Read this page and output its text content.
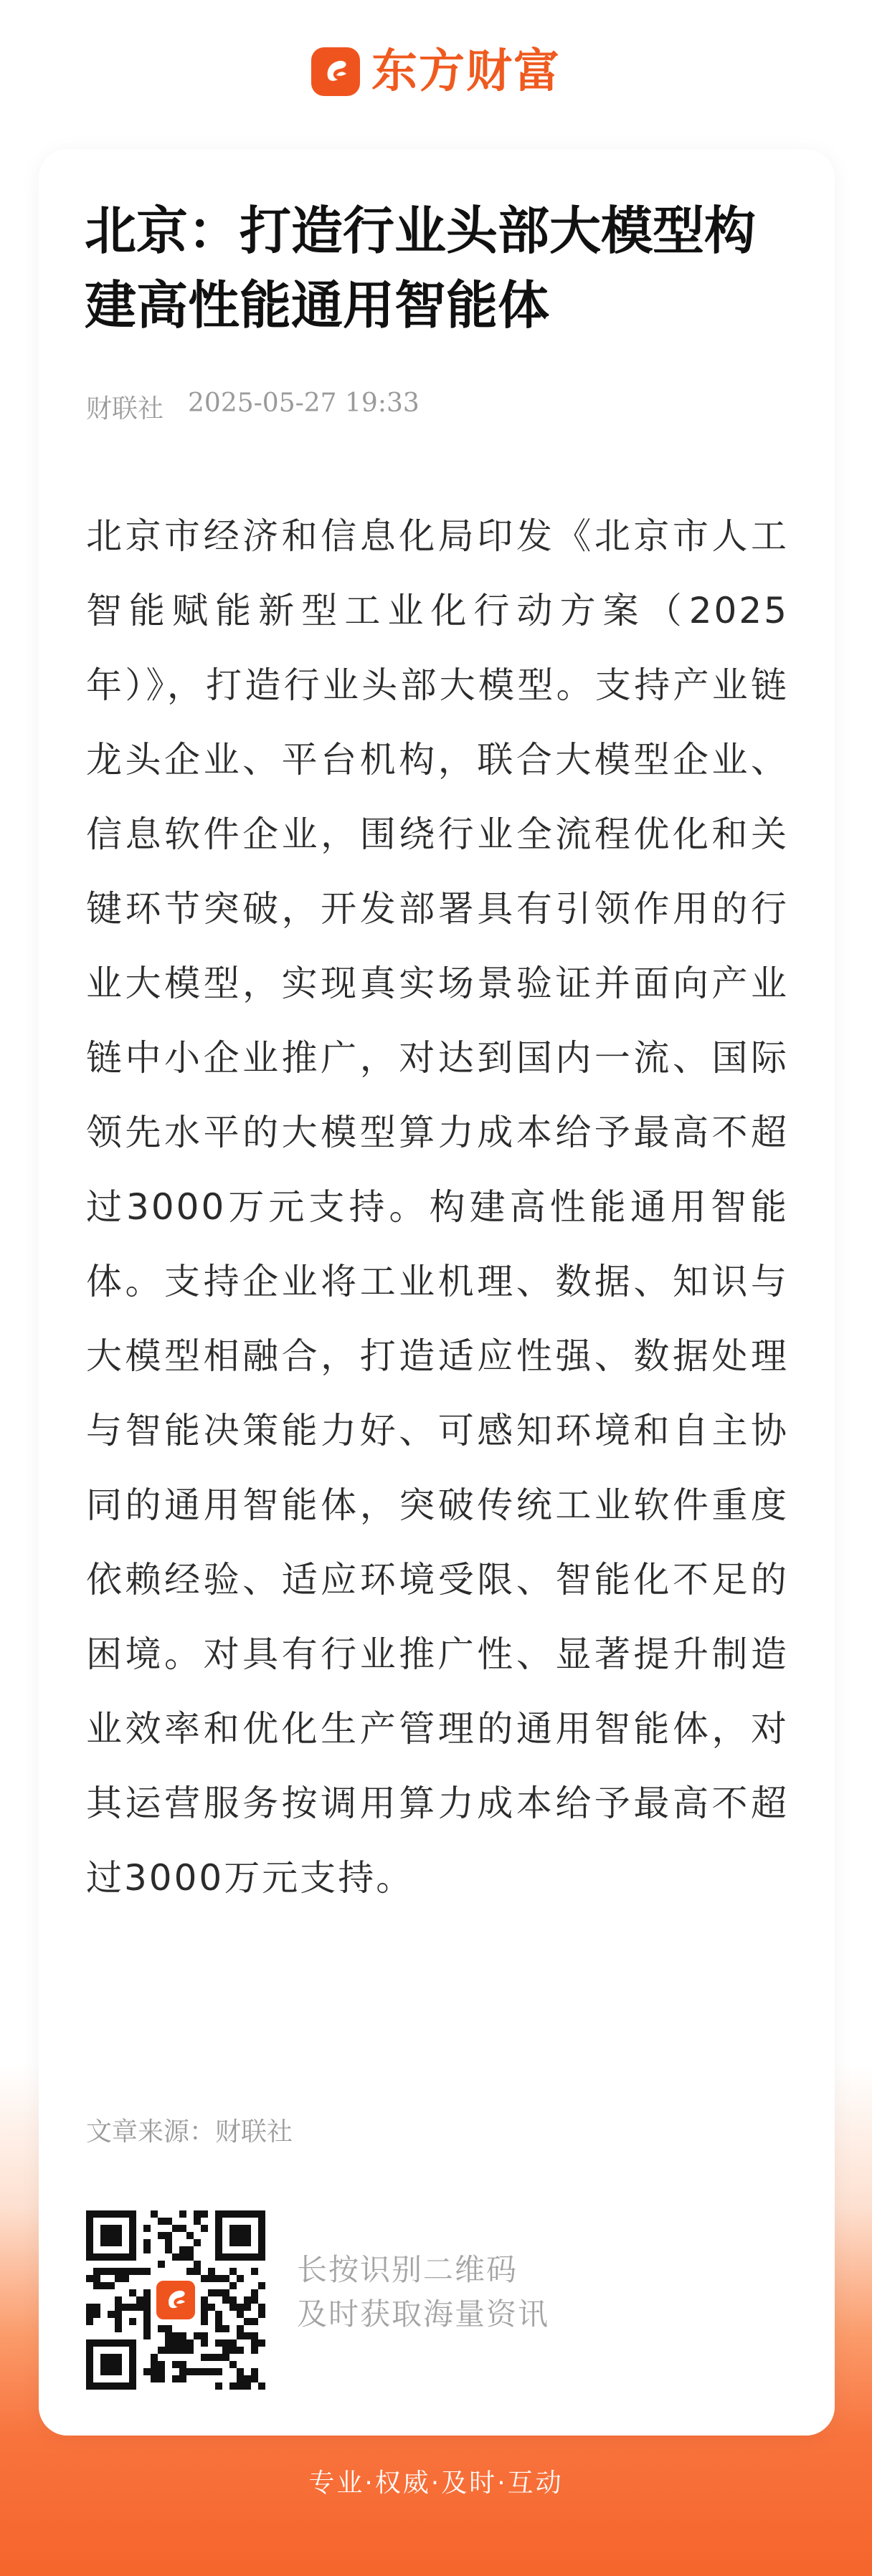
东方财富
北京：打造行业头部大模型构建高性能通用智能体
财联社 2025-05-27 19:33

北京市经济和信息化局印发《北京市人工智能赋能新型工业化行动方案（2025年）》，打造行业头部大模型。支持产业链龙头企业、平台机构，联合大模型企业、信息软件企业，围绕行业全流程优化和关键环节突破，开发部署具有引领作用的行业大模型，实现真实场景验证并面向产业链中小企业推广，对达到国内一流、国际领先水平的大模型算力成本给予最高不超过3000万元支持。构建高性能通用智能体。支持企业将工业机理、数据、知识与大模型相融合，打造适应性强、数据处理与智能决策能力好、可感知环境和自主协同的通用智能体，突破传统工业软件重度依赖经验、适应环境受限、智能化不足的困境。对具有行业推广性、显著提升制造业效率和优化生产管理的通用智能体，对其运营服务按调用算力成本给予最高不超过3000万元支持。

文章来源：财联社
长按识别二维码
及时获取海量资讯
专业·权威·及时·互动
